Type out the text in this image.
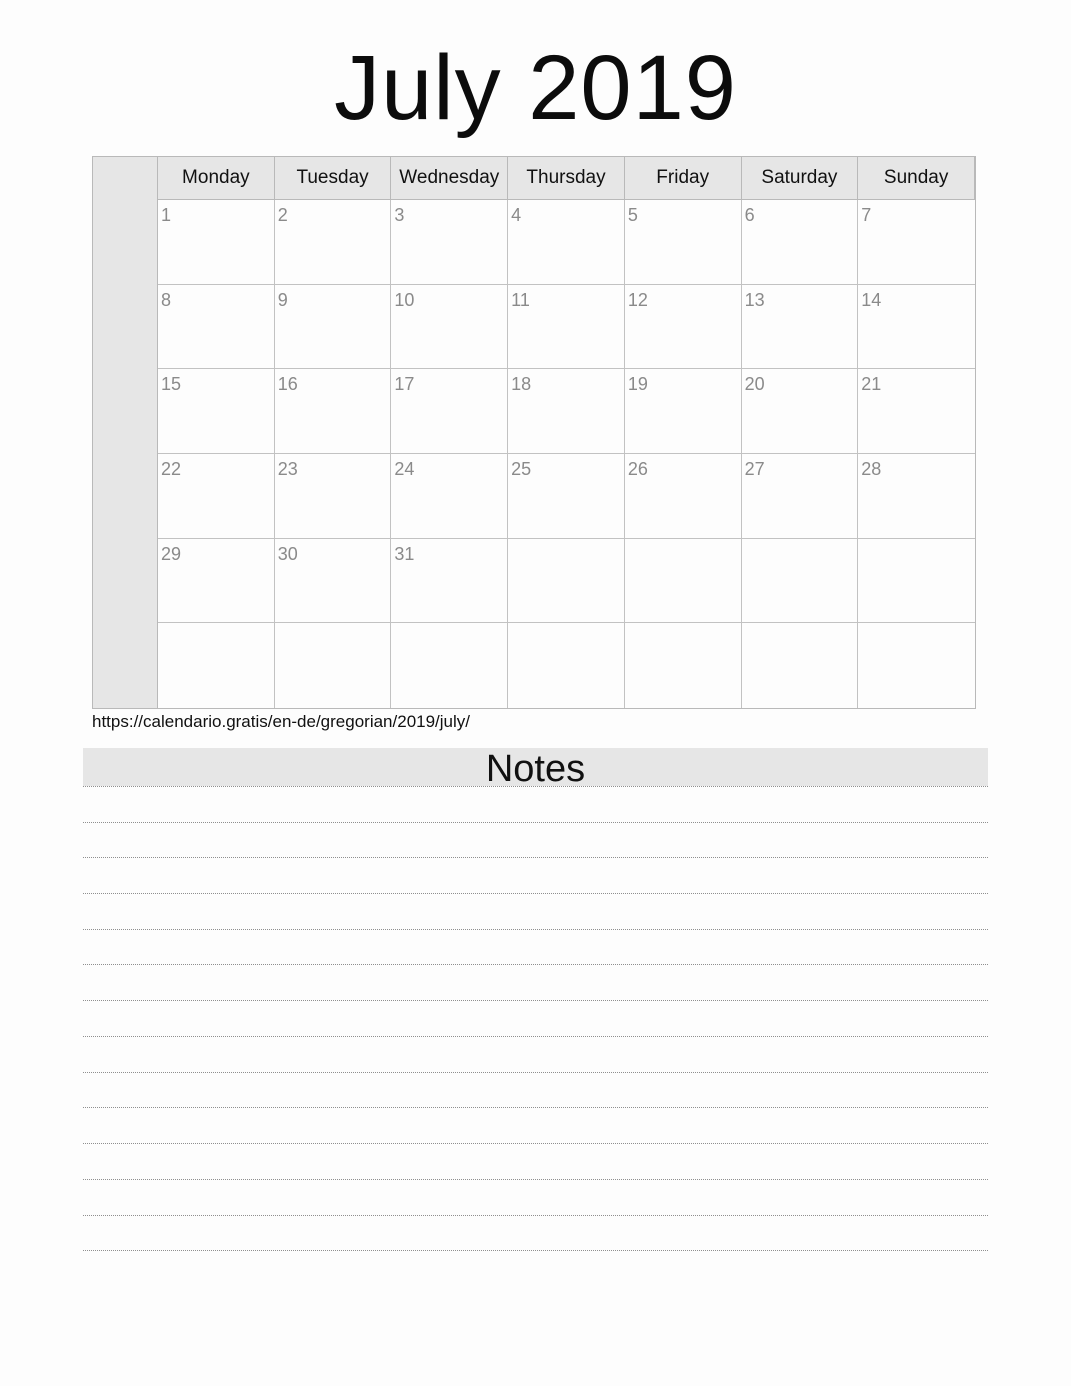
July 2019
Monday	Tuesday	Wednesday	Thursday	Friday	Saturday	Sunday
1	2	3	4	5	6	7
8	9	10	11	12	13	14
15	16	17	18	19	20	21
22	23	24	25	26	27	28
29	30	31
https://calendario.gratis/en-de/gregorian/2019/july/
Notes
